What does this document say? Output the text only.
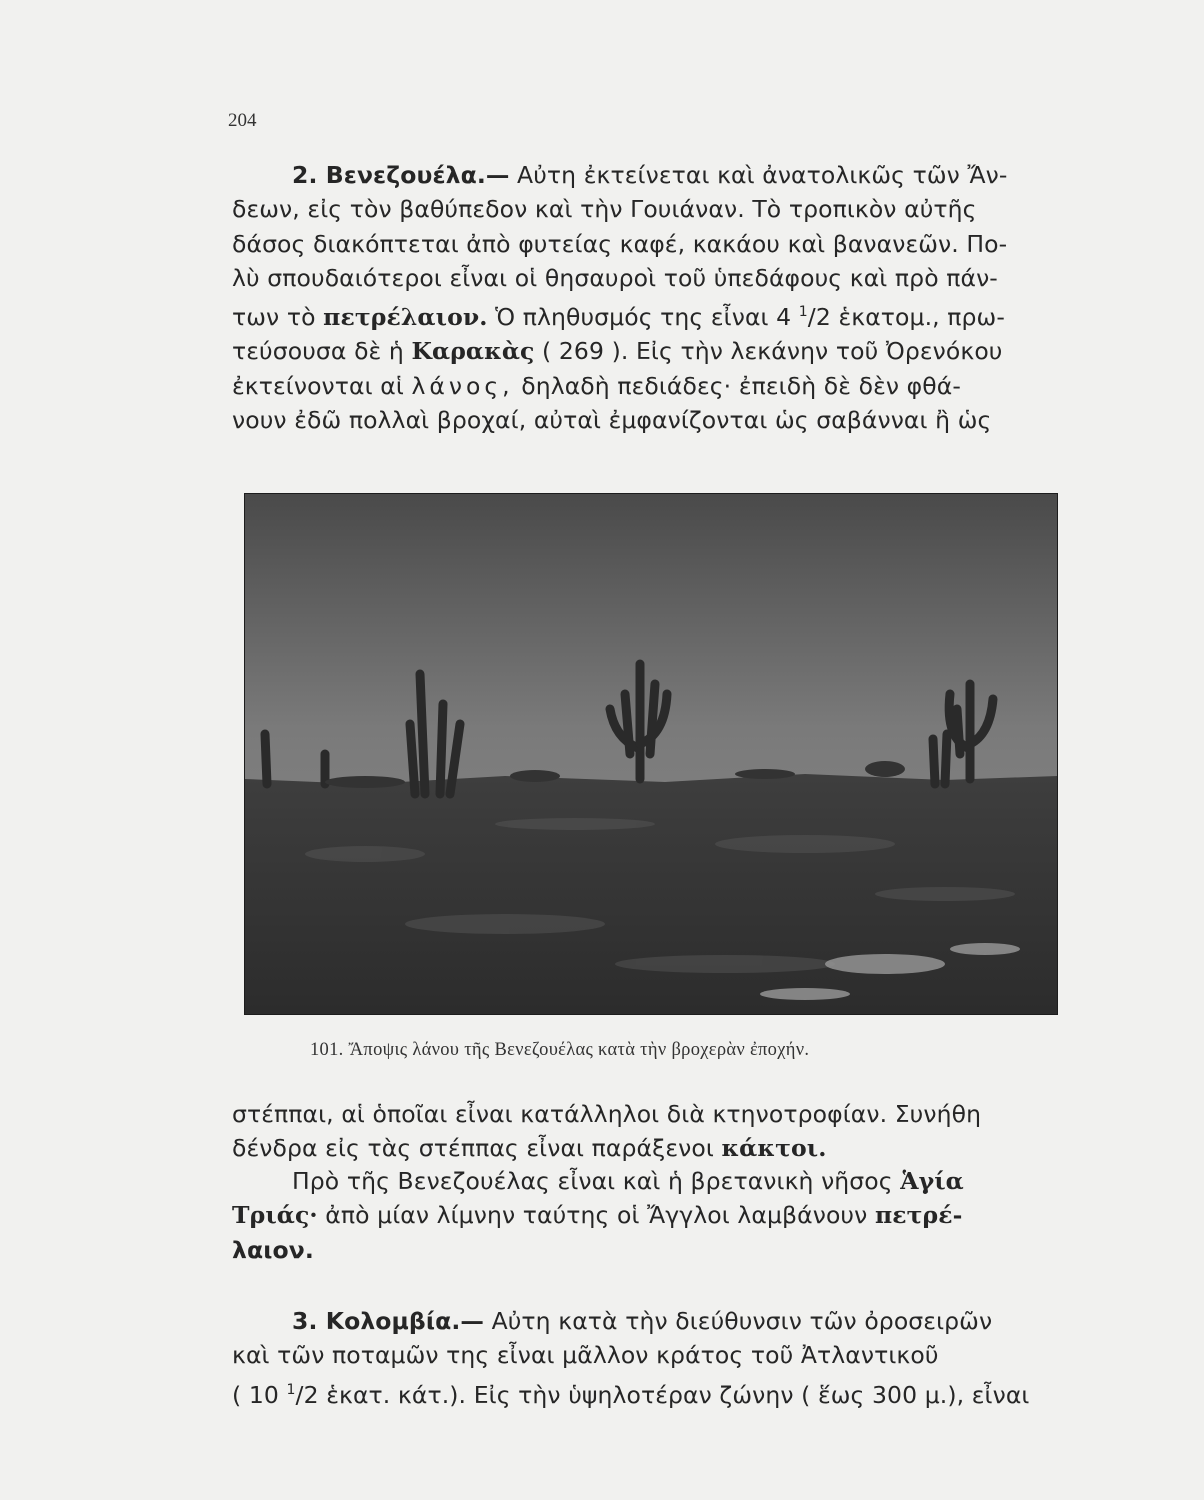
204
2. Βενεζουέλα.— Αὐτη ἐκτείνεται καὶ ἀνατολικῶς τῶν Ἄν-
δεων, εἰς τὸν βαθύπεδον καὶ τὴν Γουιάναν. Τὸ τροπικὸν αὐτῆς
δάσος διακόπτεται ἀπὸ φυτείας καφέ, κακάου καὶ βανανεῶν. Πο-
λὺ σπουδαιότεροι εἶναι οἱ θησαυροὶ τοῦ ὑπεδάφους καὶ πρὸ πάν-
των τὸ πετρέλαιον. Ὁ πληθυσμός της εἶναι 4 $^1$/2 ἑκατομ., πρω-
τεύσουσα δὲ ἡ Καρακὰς ( 269 ). Εἰς τὴν λεκάνην τοῦ Ὀρενόκου
ἐκτείνονται αἱ λάνος, δηλαδὴ πεδιάδες· ἐπειδὴ δὲ δὲν φθά-
νουν ἐδῶ πολλαὶ βροχαί, αὐταὶ ἐμφανίζονται ὡς σαβάνναι ἢ ὡς
101. Ἄποψις λάνου τῆς Βενεζουέλας κατὰ τὴν βροχερὰν ἐποχήν.
στέππαι, αἱ ὁποῖαι εἶναι κατάλληλοι διὰ κτηνοτροφίαν. Συνήθη
δένδρα εἰς τὰς στέππας εἶναι παράξενοι κάκτοι.
Πρὸ τῆς Βενεζουέλας εἶναι καὶ ἡ βρετανικὴ νῆσος Ἁγία
Τριάς· ἀπὸ μίαν λίμνην ταύτης οἱ Ἄγγλοι λαμβάνουν πετρέ-
λαιον.
3. Κολομβία.— Αὐτη κατὰ τὴν διεύθυνσιν τῶν ὀροσειρῶν
καὶ τῶν ποταμῶν της εἶναι μᾶλλον κράτος τοῦ Ἀτλαντικοῦ
( 10 $^1$/2 ἑκατ. κάτ.). Εἰς τὴν ὑψηλοτέραν ζώνην ( ἕως 300 μ.), εἶναι
